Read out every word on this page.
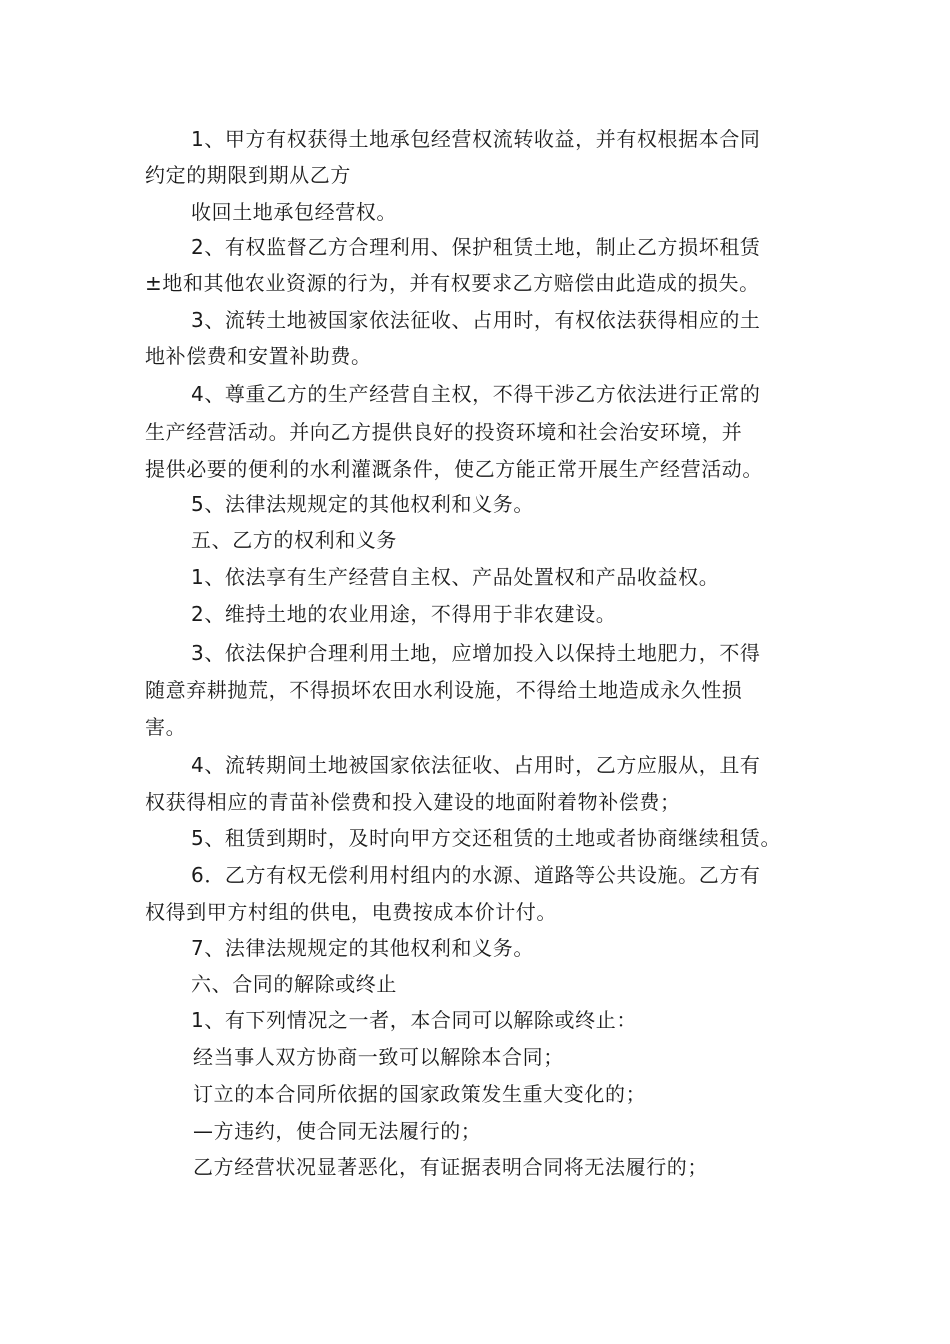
1、甲方有权获得土地承包经营权流转收益，并有权根据本合同
约定的期限到期从乙方
收回土地承包经营权。
2、有权监督乙方合理利用、保护租赁土地，制止乙方损坏租赁
±地和其他农业资源的行为，并有权要求乙方赔偿由此造成的损失。
3、流转土地被国家依法征收、占用时，有权依法获得相应的土
地补偿费和安置补助费。
4、尊重乙方的生产经营自主权，不得干涉乙方依法进行正常的
生产经营活动。并向乙方提供良好的投资环境和社会治安环境，并
提供必要的便利的水利灌溉条件，使乙方能正常开展生产经营活动。
5、法律法规规定的其他权利和义务。
五、乙方的权利和义务
1、依法享有生产经营自主权、产品处置权和产品收益权。
2、维持土地的农业用途，不得用于非农建设。
3、依法保护合理利用土地，应增加投入以保持土地肥力，不得
随意弃耕抛荒，不得损坏农田水利设施，不得给土地造成永久性损
害。
4、流转期间土地被国家依法征收、占用时，乙方应服从，且有
权获得相应的青苗补偿费和投入建设的地面附着物补偿费；
5、租赁到期时，及时向甲方交还租赁的土地或者协商继续租赁。
6．乙方有权无偿利用村组内的水源、道路等公共设施。乙方有
权得到甲方村组的供电，电费按成本价计付。
7、法律法规规定的其他权利和义务。
六、合同的解除或终止
1、有下列情况之一者，本合同可以解除或终止：
经当事人双方协商一致可以解除本合同；
订立的本合同所依据的国家政策发生重大变化的；
—方违约，使合同无法履行的；
乙方经营状况显著恶化，有证据表明合同将无法履行的；
